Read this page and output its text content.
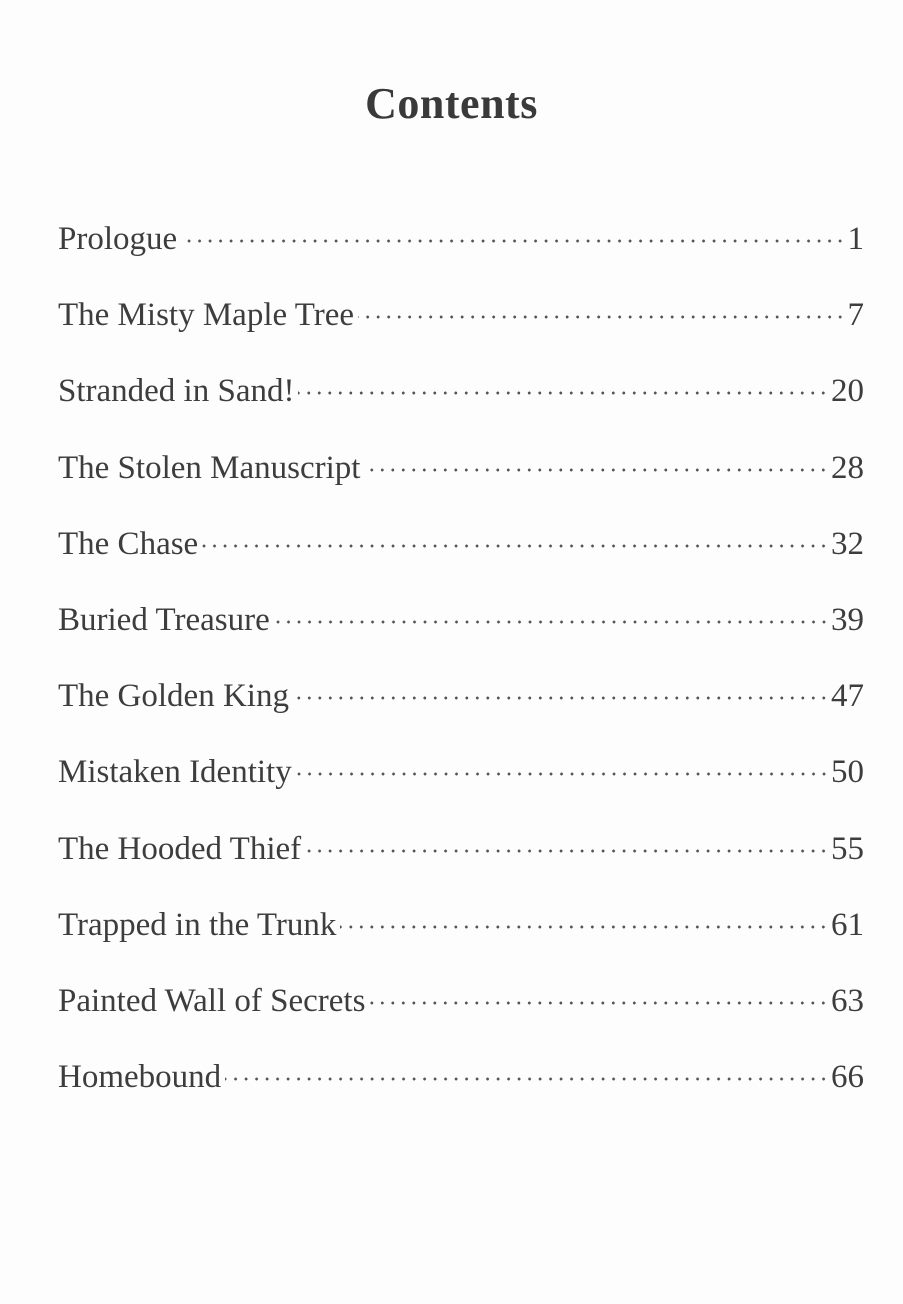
Contents
Prologue	1
The Misty Maple Tree	7
Stranded in Sand!	20
The Stolen Manuscript	28
The Chase	32
Buried Treasure	39
The Golden King	47
Mistaken Identity	50
The Hooded Thief	55
Trapped in the Trunk	61
Painted Wall of Secrets	63
Homebound	66
